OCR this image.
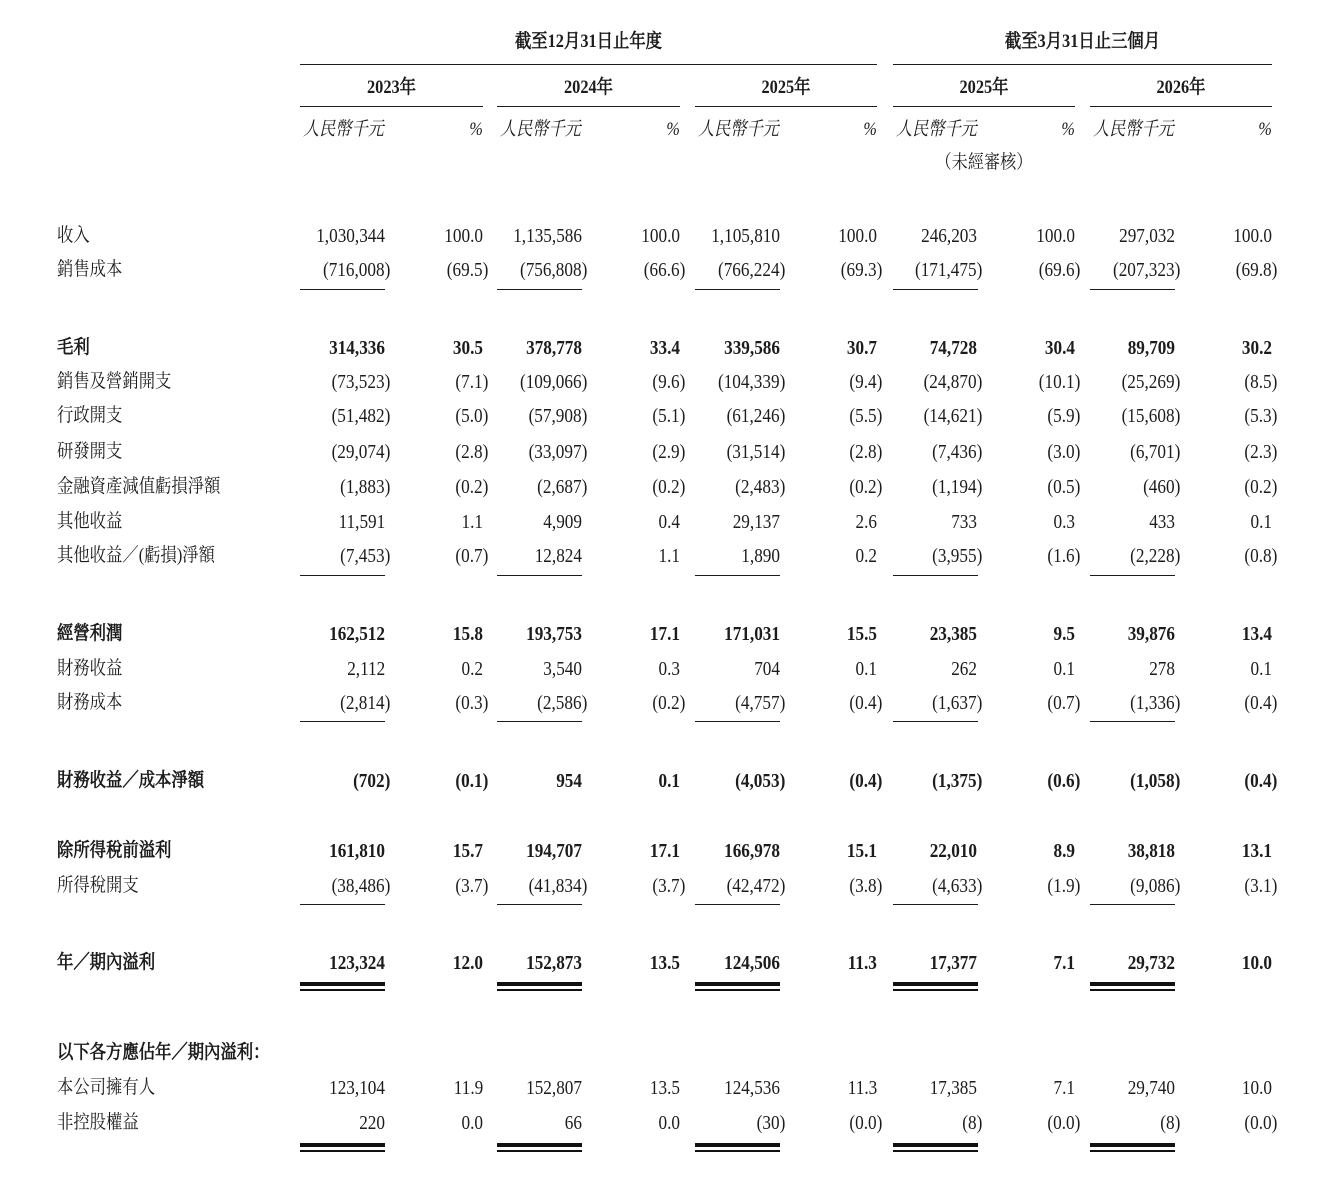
截至12月31日止年度	截至3月31日止三個月
2023年	2024年	2025年	2025年	2026年
人民幣千元	% 人民幣千元	% 人民幣千元	% 人民幣千元	% 人民幣千元	%
（未經審核）
收入	1,030,344	100.0 1,135,586	100.0 1,105,810	100.0 246,203	100.0 297,032	100.0
銷售成本	(716,008)	(69.5) (756,808)	(66.6) (766,224)	(69.3) (171,475)	(69.6) (207,323)	(69.8)
毛利	314,336	30.5 378,778	33.4 339,586	30.7	74,728	30.4	89,709	30.2
銷售及營銷開支	(73,523)	(7.1) (109,066)	(9.6) (104,339)	(9.4) (24,870)	(10.1) (25,269)	(8.5)
行政開支	(51,482)	(5.0) (57,908)	(5.1) (61,246)	(5.5) (14,621)	(5.9) (15,608)	(5.3)
研發開支	(29,074)	(2.8) (33,097)	(2.9) (31,514)	(2.8) (7,436)	(3.0) (6,701)	(2.3)
金融資產減值虧損淨額	(1,883)	(0.2) (2,687)	(0.2) (2,483)	(0.2) (1,194)	(0.5)	(460)	(0.2)
其他收益	11,591	1.1	4,909	0.4	29,137	2.6	733	0.3	433	0.1
其他收益／(虧損)淨額	(7,453)	(0.7) 12,824	1.1	1,890	0.2	(3,955)	(1.6) (2,228)	(0.8)
經營利潤	162,512	15.8 193,753	17.1 171,031	15.5	23,385	9.5	39,876	13.4
財務收益	2,112	0.2	3,540	0.3	704	0.1	262	0.1	278	0.1
財務成本	(2,814)	(0.3) (2,586)	(0.2) (4,757)	(0.4) (1,637)	(0.7) (1,336)	(0.4)
財務收益／成本淨額	(702)	(0.1)	954	0.1	(4,053)	(0.4) (1,375)	(0.6) (1,058)	(0.4)
除所得稅前溢利	161,810	15.7 194,707	17.1 166,978	15.1	22,010	8.9	38,818	13.1
所得稅開支	(38,486)	(3.7) (41,834)	(3.7) (42,472)	(3.8) (4,633)	(1.9) (9,086)	(3.1)
年／期內溢利	123,324	12.0 152,873	13.5 124,506	11.3	17,377	7.1	29,732	10.0
以下各方應佔年／期內溢利：
本公司擁有人	123,104	11.9 152,807	13.5 124,536	11.3	17,385	7.1	29,740	10.0
非控股權益	220	0.0	66	0.0	(30)	(0.0)	(8)	(0.0)	(8)	(0.0)
